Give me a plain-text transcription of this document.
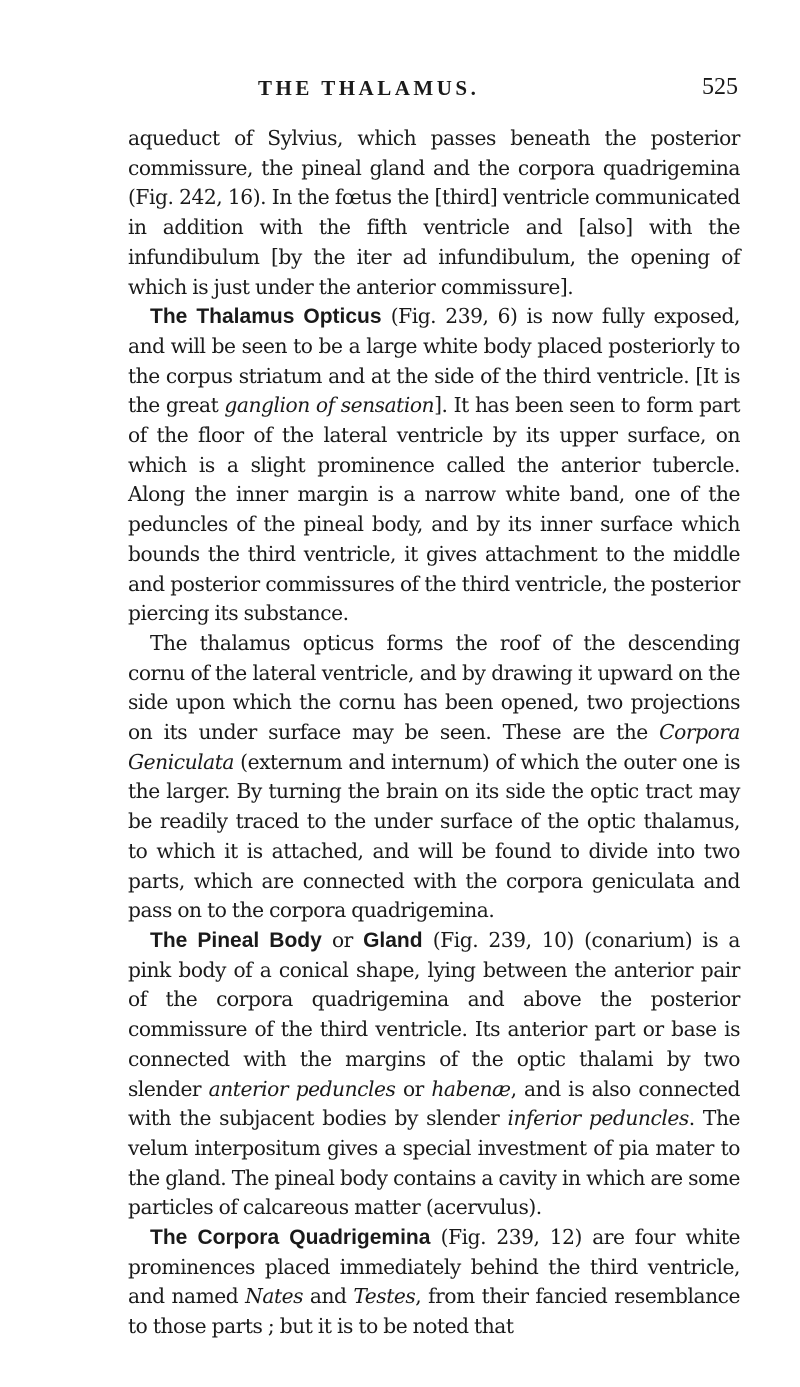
THE THALAMUS.	525

aqueduct of Sylvius, which passes beneath the posterior commissure, the pineal gland and the corpora quadrigemina (Fig. 242, 16). In the fœtus the [third] ventricle communicated in addition with the fifth ventricle and [also] with the infundibulum [by the iter ad infundibulum, the opening of which is just under the anterior commissure].

The Thalamus Opticus (Fig. 239, 6) is now fully exposed, and will be seen to be a large white body placed posteriorly to the corpus striatum and at the side of the third ventricle. [It is the great ganglion of sensation]. It has been seen to form part of the floor of the lateral ventricle by its upper surface, on which is a slight prominence called the anterior tubercle. Along the inner margin is a narrow white band, one of the peduncles of the pineal body, and by its inner surface which bounds the third ventricle, it gives attachment to the middle and posterior commissures of the third ventricle, the posterior piercing its substance.

The thalamus opticus forms the roof of the descending cornu of the lateral ventricle, and by drawing it upward on the side upon which the cornu has been opened, two projections on its under surface may be seen. These are the Corpora Geniculata (externum and internum) of which the outer one is the larger. By turning the brain on its side the optic tract may be readily traced to the under surface of the optic thalamus, to which it is attached, and will be found to divide into two parts, which are connected with the corpora geniculata and pass on to the corpora quadrigemina.

The Pineal Body or Gland (Fig. 239, 10) (conarium) is a pink body of a conical shape, lying between the anterior pair of the corpora quadrigemina and above the posterior commissure of the third ventricle. Its anterior part or base is connected with the margins of the optic thalami by two slender anterior peduncles or habenæ, and is also connected with the subjacent bodies by slender inferior peduncles. The velum interpositum gives a special investment of pia mater to the gland. The pineal body contains a cavity in which are some particles of calcareous matter (acervulus).

The Corpora Quadrigemina (Fig. 239, 12) are four white prominences placed immediately behind the third ventricle, and named Nates and Testes, from their fancied resemblance to those parts ; but it is to be noted that
